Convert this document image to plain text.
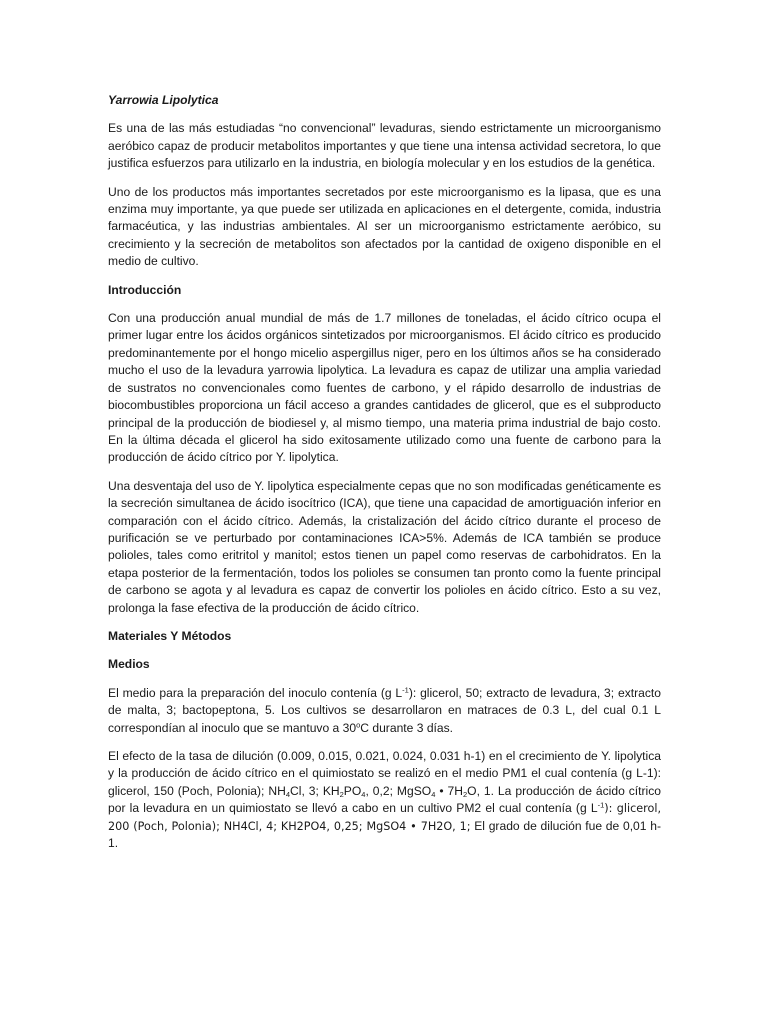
Yarrowia Lipolytica

Es una de las más estudiadas “no convencional” levaduras, siendo estrictamente un microorganismo aeróbico capaz de producir metabolitos importantes y que tiene una intensa actividad secretora, lo que justifica esfuerzos para utilizarlo en la industria, en biología molecular y en los estudios de la genética.

Uno de los productos más importantes secretados por este microorganismo es la lipasa, que es una enzima muy importante, ya que puede ser utilizada en aplicaciones en el detergente, comida, industria farmacéutica, y las industrias ambientales. Al ser un microorganismo estrictamente aeróbico, su crecimiento y la secreción de metabolitos son afectados por la cantidad de oxigeno disponible en el medio de cultivo.

Introducción

Con una producción anual mundial de más de 1.7 millones de toneladas, el ácido cítrico ocupa el primer lugar entre los ácidos orgánicos sintetizados por microorganismos. El ácido cítrico es producido predominantemente por el hongo micelio aspergillus niger, pero en los últimos años se ha considerado mucho el uso de la levadura yarrowia lipolytica. La levadura es capaz de utilizar una amplia variedad de sustratos no convencionales como fuentes de carbono, y el rápido desarrollo de industrias de biocombustibles proporciona un fácil acceso a grandes cantidades de glicerol, que es el subproducto principal de la producción de biodiesel y, al mismo tiempo, una materia prima industrial de bajo costo. En la última década el glicerol ha sido exitosamente utilizado como una fuente de carbono para la producción de ácido cítrico por Y. lipolytica.

Una desventaja del uso de Y. lipolytica especialmente cepas que no son modificadas genéticamente es la secreción simultanea de ácido isocítrico (ICA), que tiene una capacidad de amortiguación inferior en comparación con el ácido cítrico. Además, la cristalización del ácido cítrico durante el proceso de purificación se ve perturbado por contaminaciones ICA>5%. Además de ICA también se produce polioles, tales como eritritol y manitol; estos tienen un papel como reservas de carbohidratos. En la etapa posterior de la fermentación, todos los polioles se consumen tan pronto como la fuente principal de carbono se agota y al levadura es capaz de convertir los polioles en ácido cítrico. Esto a su vez, prolonga la fase efectiva de la producción de ácido cítrico.

Materiales Y Métodos
Medios

El medio para la preparación del inoculo contenía (g $L^{-1}$): glicerol, 50; extracto de levadura, 3; extracto de malta, 3; bactopeptona, 5. Los cultivos se desarrollaron en matraces de 0.3 L, del cual 0.1 L correspondían al inoculo que se mantuvo a 30$^o$C durante 3 días.

El efecto de la tasa de dilución (0.009, 0.015, 0.021, 0.024, 0.031 h-1) en el crecimiento de Y. lipolytica y la producción de ácido cítrico en el quimiostato se realizó en el medio PM1 el cual contenía (g L-1): glicerol, 150 (Poch, Polonia); $NH_4Cl$, 3; $KH_2PO_4$, 0,2; MgSO$_4$ • $7H_2O$, 1. La producción de ácido cítrico por la levadura en un quimiostato se llevó a cabo en un cultivo PM2 el cual contenía (g $L^{-1}$): glicerol, 200 (Poch, Polonia); NH4Cl, 4; KH2PO4, 0,25; MgSO4 • 7H2O, 1; El grado de dilución fue de 0,01 h-1.
